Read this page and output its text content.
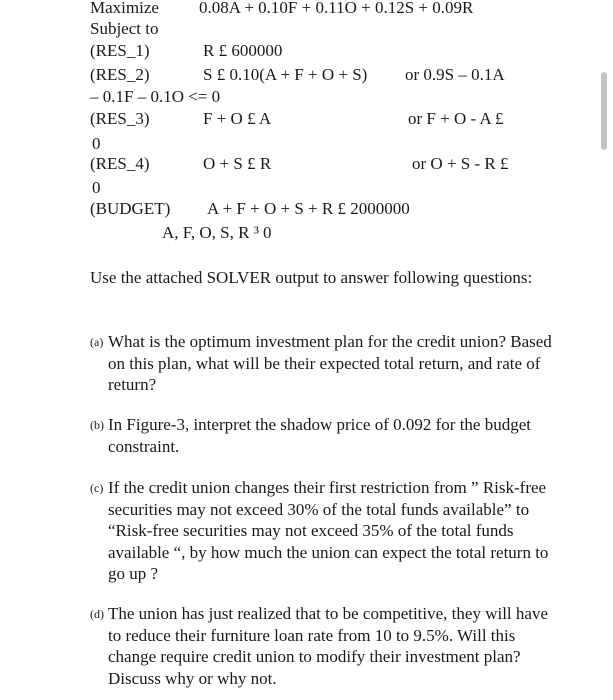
Maximize 0.08A + 0.10F + 0.11O + 0.12S + 0.09R
Subject to
(RES_1)	R £ 600000
(RES_2)	S £ 0.10(A + F + O + S) or 0.9S – 0.1A
– 0.1F – 0.1O <= 0
(RES_3)	F + O £ A	or F + O - A £
0
(RES_4)	O + S £ R	or O + S - R £
0
(BUDGET) A + F + O + S + R £ 2000000
A, F, O, S, R ³ 0
Use the attached SOLVER output to answer following questions:
(a) What is the optimum investment plan for the credit union? Based on this plan, what will be their expected total return, and rate of return?
(b) In Figure-3, interpret the shadow price of 0.092 for the budget constraint.
(c) If the credit union changes their first restriction from ” Risk-free securities may not exceed 30% of the total funds available” to “Risk-free securities may not exceed 35% of the total funds available “, by how much the union can expect the total return to go up ?
(d) The union has just realized that to be competitive, they will have to reduce their furniture loan rate from 10 to 9.5%. Will this change require credit union to modify their investment plan? Discuss why or why not.
